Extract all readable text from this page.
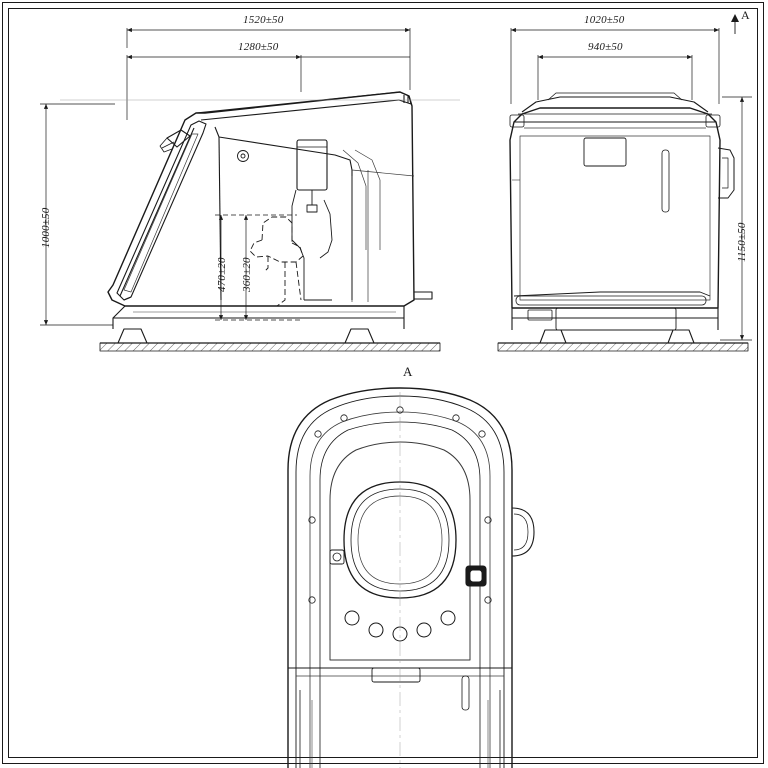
1520±50
1280±50
1000±50
470±20 360±20
1020±50
940±50
1150±50
A
A
